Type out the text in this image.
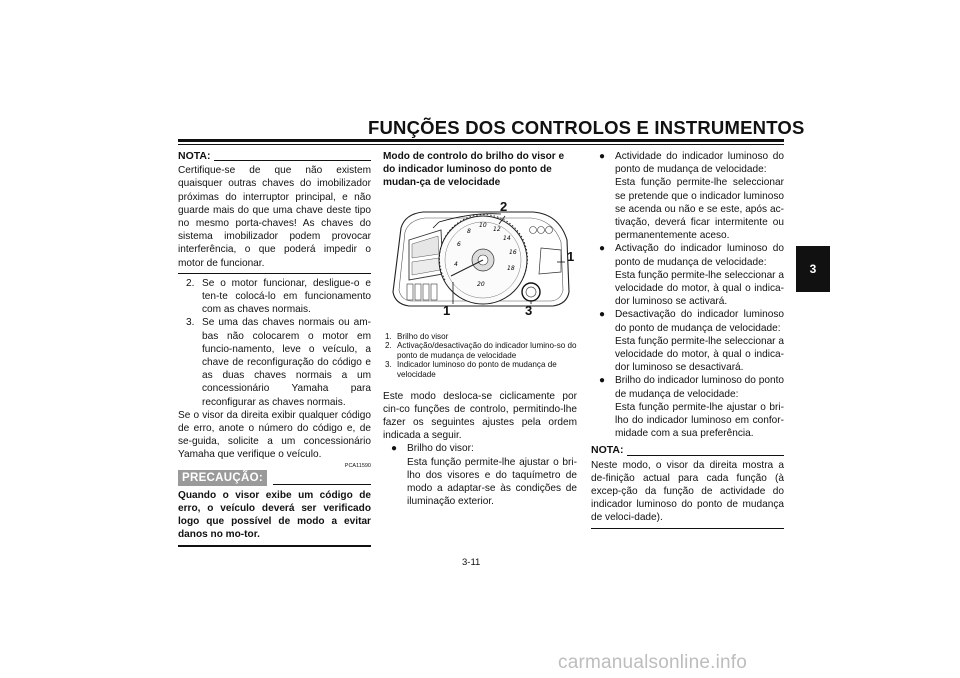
FUNÇÕES DOS CONTROLOS E INSTRUMENTOS
3
NOTA:

Certifique-se de que não existem quaisquer outras chaves do imobilizador próximas do interruptor principal, e não guarde mais do que uma chave deste tipo no mesmo porta-chaves! As chaves do sistema imobilizador podem provocar interferência, o que poderá impedir o motor de funcionar.

2. Se o motor funcionar, desligue-o e ten-te colocá-lo em funcionamento com as chaves normais.
3. Se uma das chaves normais ou am-bas não colocarem o motor em funcio-namento, leve o veículo, a chave de reconfiguração do código e as duas chaves normais a um concessionário Yamaha para reconfigurar as chaves normais.

Se o visor da direita exibir qualquer código de erro, anote o número do código e, de se-guida, solicite a um concessionário Yamaha que verifique o veículo.

PCA11590
PRECAUÇÃO:

Quando o visor exibe um código de erro, o veículo deverá ser verificado logo que possível de modo a evitar danos no mo-tor.

Modo de controlo do brilho do visor e do indicador luminoso do ponto de mudan-ça de velocidade

4
6
8
10
12
14
16
18
20
2
1
1	3
1. Brilho do visor
2. Activação/desactivação do indicador lumino-so do ponto de mudança de velocidade
3. Indicador luminoso do ponto de mudança de velocidade

Este modo desloca-se ciclicamente por cin-co funções de controlo, permitindo-lhe fazer os seguintes ajustes pela ordem indicada a seguir.

● Brilho do visor:
Esta função permite-lhe ajustar o bri-lho dos visores e do taquímetro de modo a adaptar-se às condições de iluminação exterior.
● Actividade do indicador luminoso do ponto de mudança de velocidade:
Esta função permite-lhe seleccionar se pretende que o indicador luminoso se acenda ou não e se este, após ac-tivação, deverá ficar intermitente ou permanentemente aceso.
● Activação do indicador luminoso do ponto de mudança de velocidade:
Esta função permite-lhe seleccionar a velocidade do motor, à qual o indica-dor luminoso se activará.
● Desactivação do indicador luminoso do ponto de mudança de velocidade:
Esta função permite-lhe seleccionar a velocidade do motor, à qual o indica-dor luminoso se desactivará.
● Brilho do indicador luminoso do ponto de mudança de velocidade:
Esta função permite-lhe ajustar o bri-lho do indicador luminoso em confor-midade com a sua preferência.
NOTA:

Neste modo, o visor da direita mostra a de-finição actual para cada função (à excep-ção da função de actividade do indicador luminoso do ponto de mudança de veloci-dade).

3-11
carmanualsonline.info
